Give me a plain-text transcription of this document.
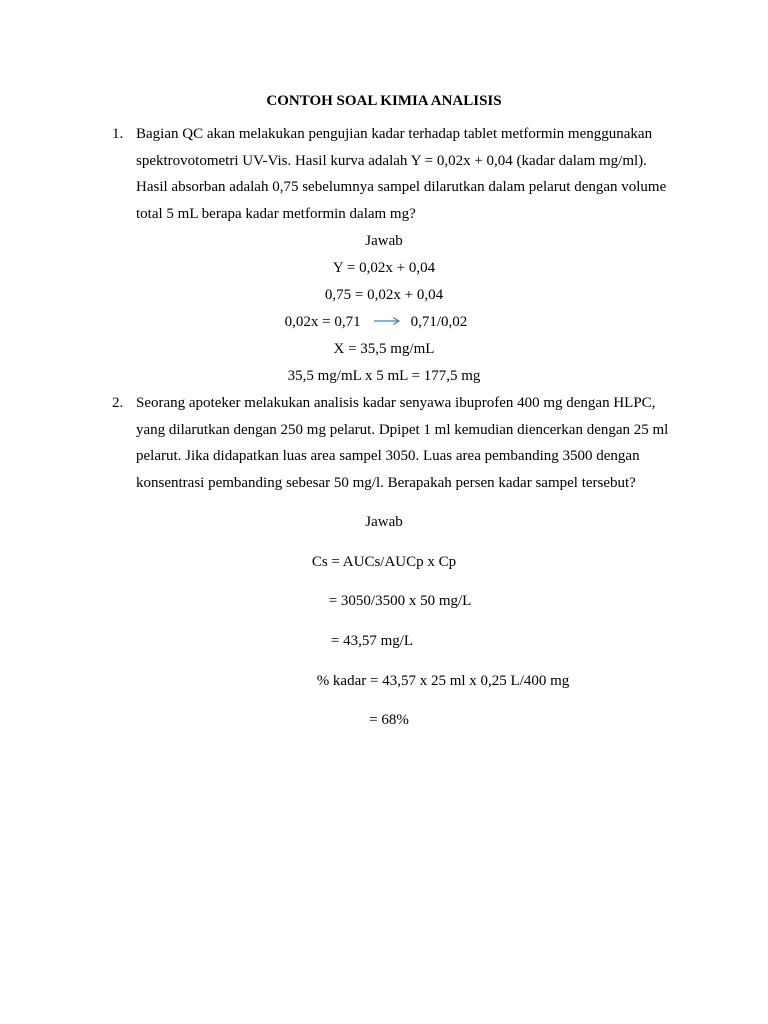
CONTOH SOAL KIMIA ANALISIS
1. Bagian QC akan melakukan pengujian kadar terhadap tablet metformin menggunakan spektrovotometri UV-Vis. Hasil kurva adalah Y = 0,02x + 0,04 (kadar dalam mg/ml). Hasil absorban adalah 0,75 sebelumnya sampel dilarutkan dalam pelarut dengan volume total 5 mL berapa kadar metformin dalam mg?

Jawab
Y = 0,02x + 0,04
0,75 = 0,02x + 0,04
0,02x = 0,71	0,71/0,02
X = 35,5 mg/mL
35,5 mg/mL x 5 mL = 177,5 mg
2. Seorang apoteker melakukan analisis kadar senyawa ibuprofen 400 mg dengan HLPC, yang dilarutkan dengan 250 mg pelarut. Dpipet 1 ml kemudian diencerkan dengan 25 ml pelarut. Jika didapatkan luas area sampel 3050. Luas area pembanding 3500 dengan konsentrasi pembanding sebesar 50 mg/l. Berapakah persen kadar sampel tersebut?

Jawab
Cs = AUCs/AUCp x Cp
= 3050/3500 x 50 mg/L
= 43,57 mg/L
% kadar = 43,57 x 25 ml x 0,25 L/400 mg
= 68%
